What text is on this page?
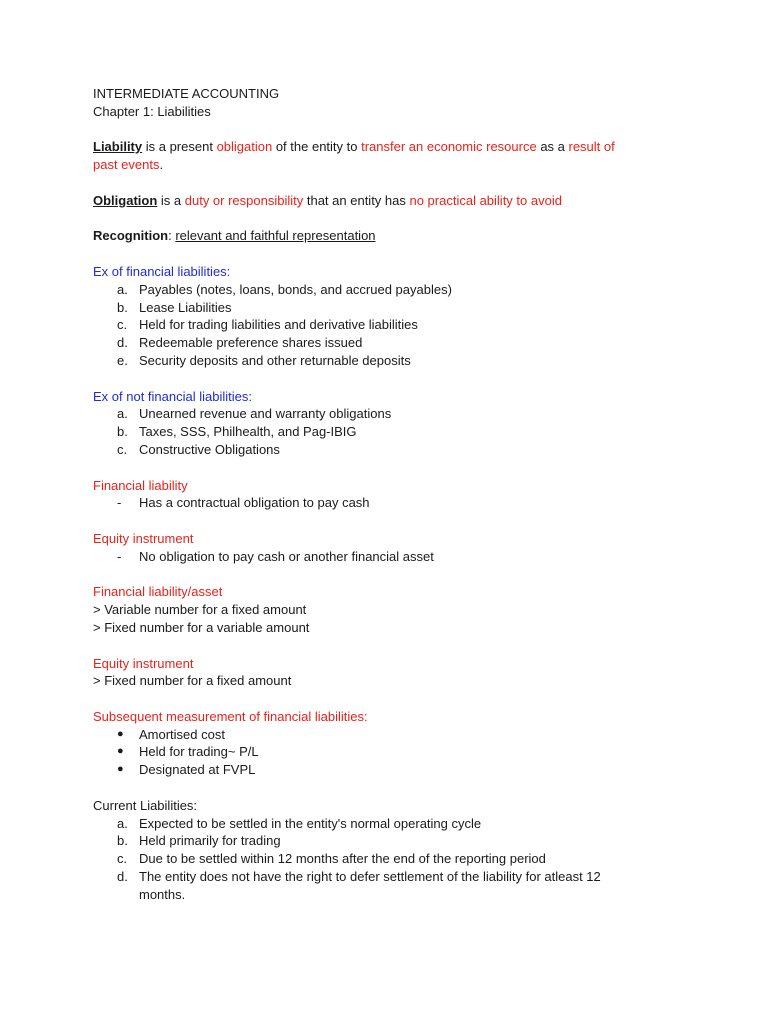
INTERMEDIATE ACCOUNTING
Chapter 1: Liabilities
Liability is a present obligation of the entity to transfer an economic resource as a result of
past events.
Obligation is a duty or responsibility that an entity has no practical ability to avoid
Recognition: relevant and faithful representation
Ex of financial liabilities:
a. Payables (notes, loans, bonds, and accrued payables)
b. Lease Liabilities
c. Held for trading liabilities and derivative liabilities
d. Redeemable preference shares issued
e. Security deposits and other returnable deposits
Ex of not financial liabilities:
a. Unearned revenue and warranty obligations
b. Taxes, SSS, Philhealth, and Pag-IBIG
c. Constructive Obligations
Financial liability
-	Has a contractual obligation to pay cash
Equity instrument
-	No obligation to pay cash or another financial asset
Financial liability/asset
> Variable number for a fixed amount
> Fixed number for a variable amount
Equity instrument
> Fixed number for a fixed amount
Subsequent measurement of financial liabilities:
●	Amortised cost
●	Held for trading~ P/L
●	Designated at FVPL
Current Liabilities:
a. Expected to be settled in the entity's normal operating cycle
b. Held primarily for trading
c. Due to be settled within 12 months after the end of the reporting period
d. The entity does not have the right to defer settlement of the liability for atleast 12 months.
